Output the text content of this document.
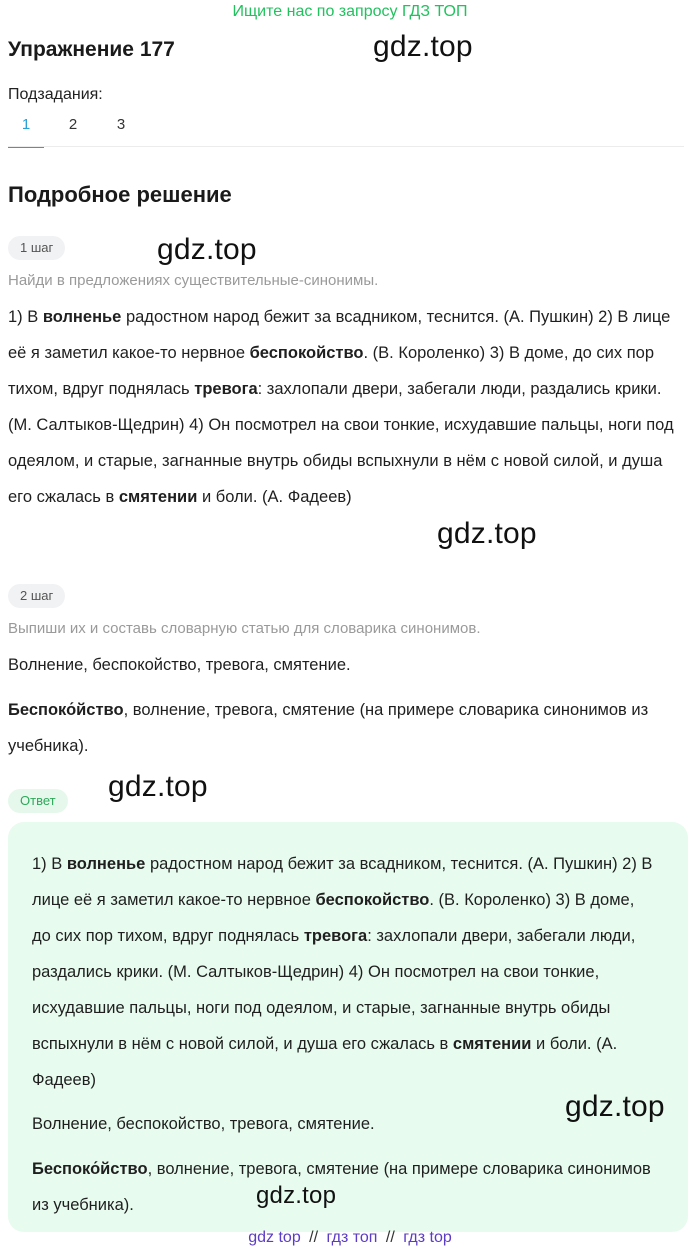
Ищите нас по запросу ГДЗ ТОП
Упражнение 177	gdz.top
Подзадания:
1	2	3
Подробное решение
1 шаг	gdz.top
Найди в предложениях существительные-синонимы.

1) В волненье радостном народ бежит за всадником, теснится. (А. Пушкин) 2) В лице её я заметил какое-то нервное беспокойство. (В. Короленко) 3) В доме, до сих пор тихом, вдруг поднялась тревога: захлопали двери, забегали люди, раздались крики. (М. Салтыков-Щедрин) 4) Он посмотрел на свои тонкие, исхудавшие пальцы, ноги под одеялом, и старые, загнанные внутрь обиды вспыхнули в нём с новой силой, и душа его сжалась в смятении и боли. (А. Фадеев)

gdz.top
2 шаг
Выпиши их и составь словарную статью для словарика синонимов.

Волнение, беспокойство, тревога, смятение.

Беспоко́йство, волнение, тревога, смятение (на примере словарика синонимов из учебника).

Ответ	gdz.top

1) В волненье радостном народ бежит за всадником, теснится. (А. Пушкин) 2) В лице её я заметил какое-то нервное беспокойство. (В. Короленко) 3) В доме, до сих пор тихом, вдруг поднялась тревога: захлопали двери, забегали люди, раздались крики. (М. Салтыков-Щедрин) 4) Он посмотрел на свои тонкие, исхудавшие пальцы, ноги под одеялом, и старые, загнанные внутрь обиды вспыхнули в нём с новой силой, и душа его сжалась в смятении и боли. (А. Фадеев)

Волнение, беспокойство, тревога, смятение.

Беспоко́йство, волнение, тревога, смятение (на примере словарика синонимов из учебника).

gdz.top
gdz.top
gdz top // гдз топ // гдз top
